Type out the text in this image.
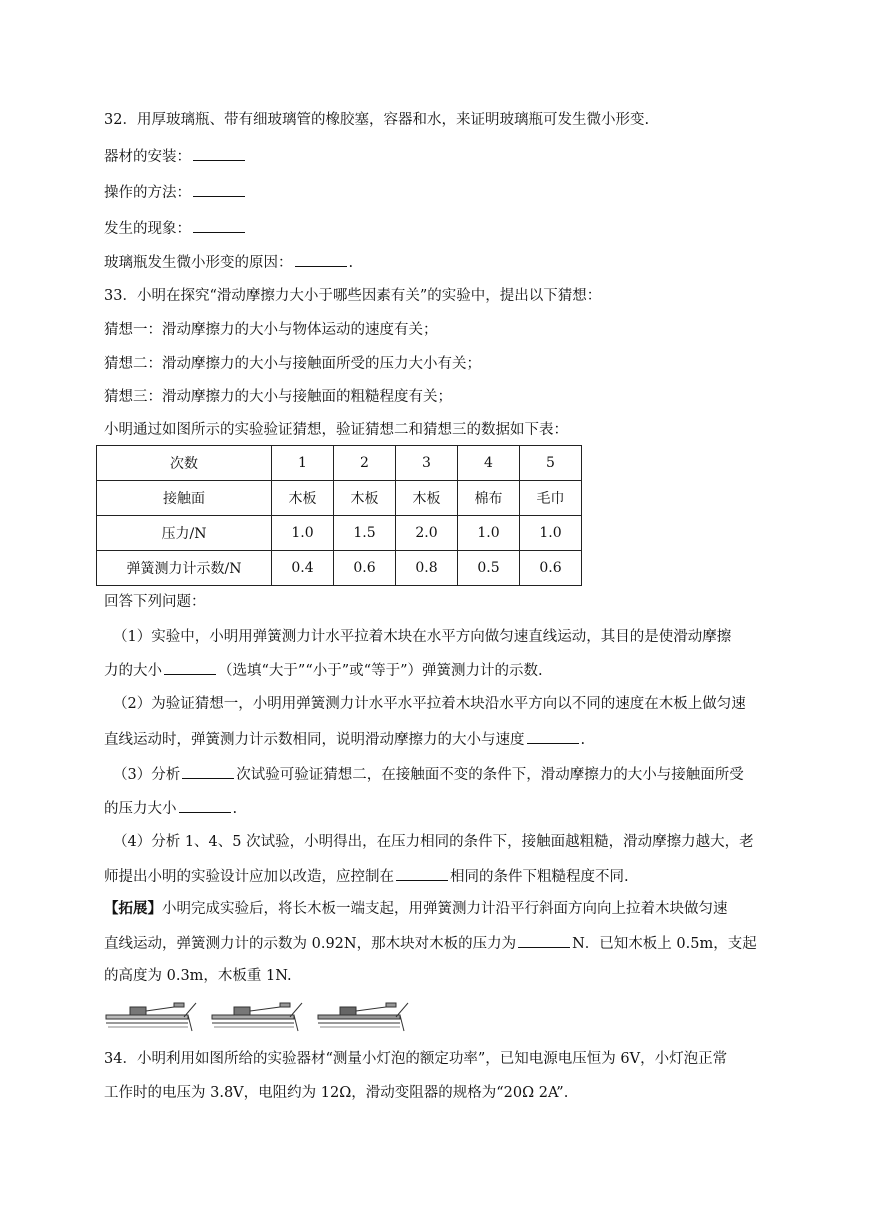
32．用厚玻璃瓶、带有细玻璃管的橡胶塞，容器和水，来证明玻璃瓶可发生微小形变.
器材的安装：
操作的方法：
发生的现象：
玻璃瓶发生微小形变的原因：	.
33．小明在探究“滑动摩擦力大小于哪些因素有关”的实验中，提出以下猜想：
猜想一：滑动摩擦力的大小与物体运动的速度有关；
猜想二：滑动摩擦力的大小与接触面所受的压力大小有关；
猜想三：滑动摩擦力的大小与接触面的粗糙程度有关；
小明通过如图所示的实验验证猜想，验证猜想二和猜想三的数据如下表：
次数	1	2	3	4	5
接触面	木板	木板	木板	棉布	毛巾
压力/N	1.0	1.5	2.0	1.0	1.0
弹簧测力计示数/N	0.4	0.6	0.8	0.5	0.6
回答下列问题：
（1）实验中，小明用弹簧测力计水平拉着木块在水平方向做匀速直线运动，其目的是使滑动摩擦
力的大小	（选填“大于”“小于”或“等于”）弹簧测力计的示数.
（2）为验证猜想一，小明用弹簧测力计水平水平拉着木块沿水平方向以不同的速度在木板上做匀速
直线运动时，弹簧测力计示数相同，说明滑动摩擦力的大小与速度	.
（3）分析	次试验可验证猜想二，在接触面不变的条件下，滑动摩擦力的大小与接触面所受
的压力大小	.
（4）分析 1、4、5 次试验，小明得出，在压力相同的条件下，接触面越粗糙，滑动摩擦力越大，老
师提出小明的实验设计应加以改造，应控制在	相同的条件下粗糙程度不同.
【拓展】小明完成实验后，将长木板一端支起，用弹簧测力计沿平行斜面方向向上拉着木块做匀速
直线运动，弹簧测力计的示数为 0.92N，那木块对木板的压力为	N．已知木板上 0.5m，支起
的高度为 0.3m，木板重 1N.
34．小明利用如图所给的实验器材“测量小灯泡的额定功率”，已知电源电压恒为 6V，小灯泡正常
工作时的电压为 3.8V，电阻约为 12Ω，滑动变阻器的规格为“20Ω 2A”.
